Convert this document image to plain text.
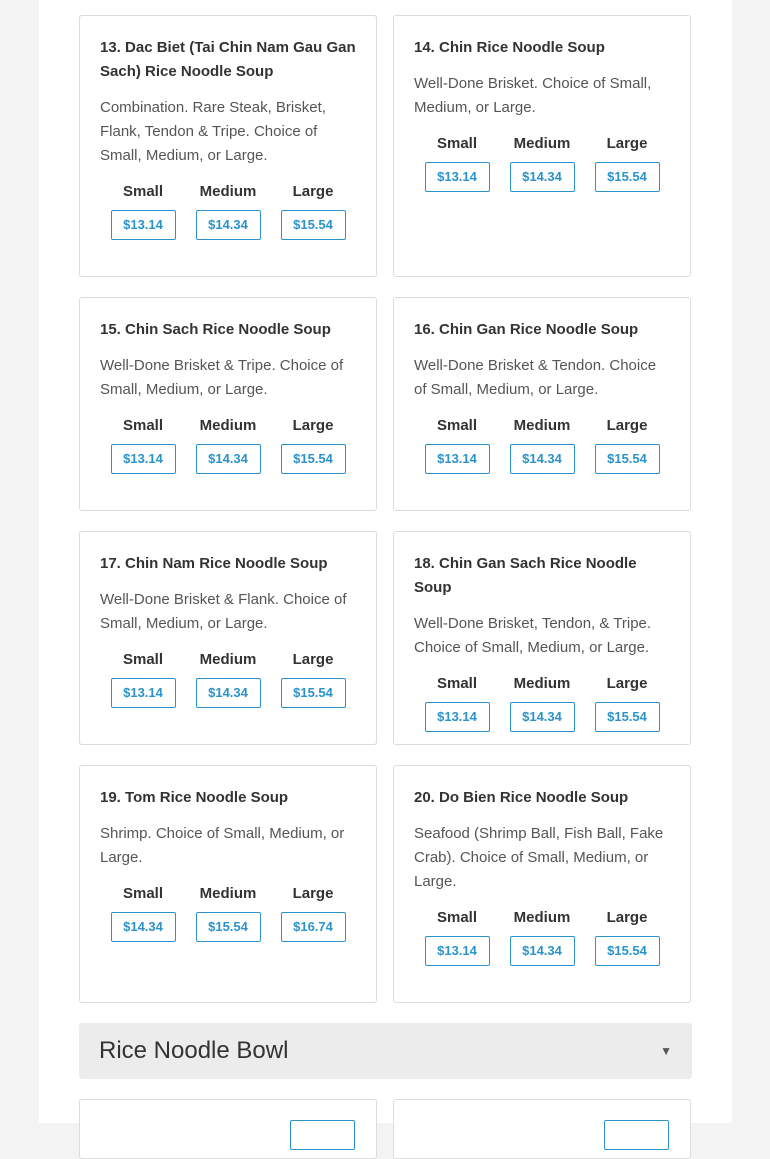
13. Dac Biet (Tai Chin Nam Gau Gan Sach) Rice Noodle Soup
Combination. Rare Steak, Brisket, Flank, Tendon & Tripe. Choice of Small, Medium, or Large.
Small
$13.14
Medium
$14.34
Large
$15.54
14. Chin Rice Noodle Soup
Well-Done Brisket. Choice of Small, Medium, or Large.
Small
$13.14
Medium
$14.34
Large
$15.54
15. Chin Sach Rice Noodle Soup
Well-Done Brisket & Tripe. Choice of Small, Medium, or Large.
Small
$13.14
Medium
$14.34
Large
$15.54
16. Chin Gan Rice Noodle Soup
Well-Done Brisket & Tendon. Choice of Small, Medium, or Large.
Small
$13.14
Medium
$14.34
Large
$15.54
17. Chin Nam Rice Noodle Soup
Well-Done Brisket & Flank. Choice of Small, Medium, or Large.
Small
$13.14
Medium
$14.34
Large
$15.54
18. Chin Gan Sach Rice Noodle Soup
Well-Done Brisket, Tendon, & Tripe. Choice of Small, Medium, or Large.
Small
$13.14
Medium
$14.34
Large
$15.54
19. Tom Rice Noodle Soup
Shrimp. Choice of Small, Medium, or Large.
Small
$14.34
Medium
$15.54
Large
$16.74
20. Do Bien Rice Noodle Soup
Seafood (Shrimp Ball, Fish Ball, Fake Crab). Choice of Small, Medium, or Large.
Small
$13.14
Medium
$14.34
Large
$15.54
Rice Noodle Bowl	▼
